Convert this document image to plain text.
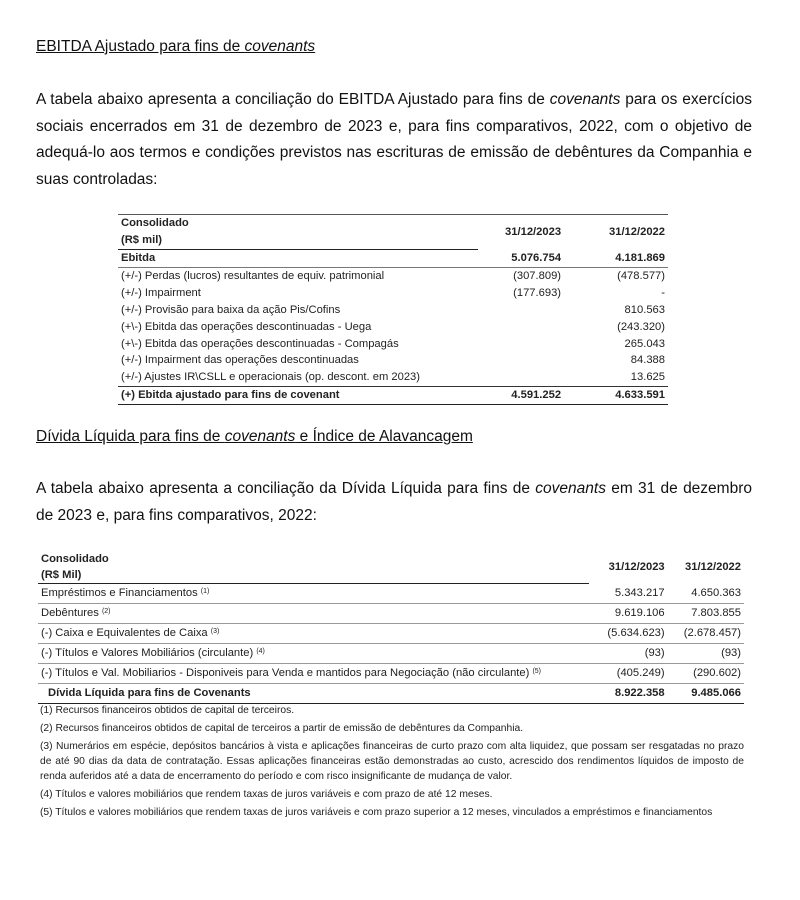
EBITDA Ajustado para fins de covenants

A tabela abaixo apresenta a conciliação do EBITDA Ajustado para fins de covenants para os exercícios sociais encerrados em 31 de dezembro de 2023 e, para fins comparativos, 2022, com o objetivo de adequá-lo aos termos e condições previstos nas escrituras de emissão de debêntures da Companhia e suas controladas:

Consolidado	31/12/2023	31/12/2022
(R$ mil)		
Ebitda	5.076.754	4.181.869
(+/-) Perdas (lucros) resultantes de equiv. patrimonial	(307.809)	(478.577)
(+/-) Impairment	(177.693)	-
(+/-) Provisão para baixa da ação Pis/Cofins		810.563
(+\-) Ebitda das operações descontinuadas - Uega		(243.320)
(+\-) Ebitda das operações descontinuadas - Compagás		265.043
(+/-) Impairment das operações descontinuadas		84.388
(+/-) Ajustes IR\CSLL e operacionais (op. descont. em 2023)		13.625
(+) Ebitda ajustado para fins de covenant	4.591.252	4.633.591
Dívida Líquida para fins de covenants e Índice de Alavancagem

A tabela abaixo apresenta a conciliação da Dívida Líquida para fins de covenants em 31 de dezembro de 2023 e, para fins comparativos, 2022:

Consolidado	31/12/2023	31/12/2022
(R$ Mil)		
Empréstimos e Financiamentos $^{(1)}$	5.343.217	4.650.363
Debêntures $^{(2)}$	9.619.106	7.803.855
(-) Caixa e Equivalentes de Caixa $^{(3)}$	(5.634.623)	(2.678.457)
(-) Títulos e Valores Mobiliários (circulante) $^{(4)}$	(93)	(93)
(-) Títulos e Val. Mobiliarios - Disponiveis para Venda e mantidos para Negociação (não circulante) $^{(5)}$	(405.249)	(290.602)
Dívida Líquida para fins de Covenants	8.922.358	9.485.066

(1) Recursos financeiros obtidos de capital de terceiros.

(2) Recursos financeiros obtidos de capital de terceiros a partir de emissão de debêntures da Companhia.

(3) Numerários em espécie, depósitos bancários à vista e aplicações financeiras de curto prazo com alta liquidez, que possam ser resgatadas no prazo de até 90 dias da data de contratação. Essas aplicações financeiras estão demonstradas ao custo, acrescido dos rendimentos líquidos de imposto de renda auferidos até a data de encerramento do período e com risco insignificante de mudança de valor.

(4) Títulos e valores mobiliários que rendem taxas de juros variáveis e com prazo de até 12 meses.

(5) Títulos e valores mobiliários que rendem taxas de juros variáveis e com prazo superior a 12 meses, vinculados a empréstimos e financiamentos
